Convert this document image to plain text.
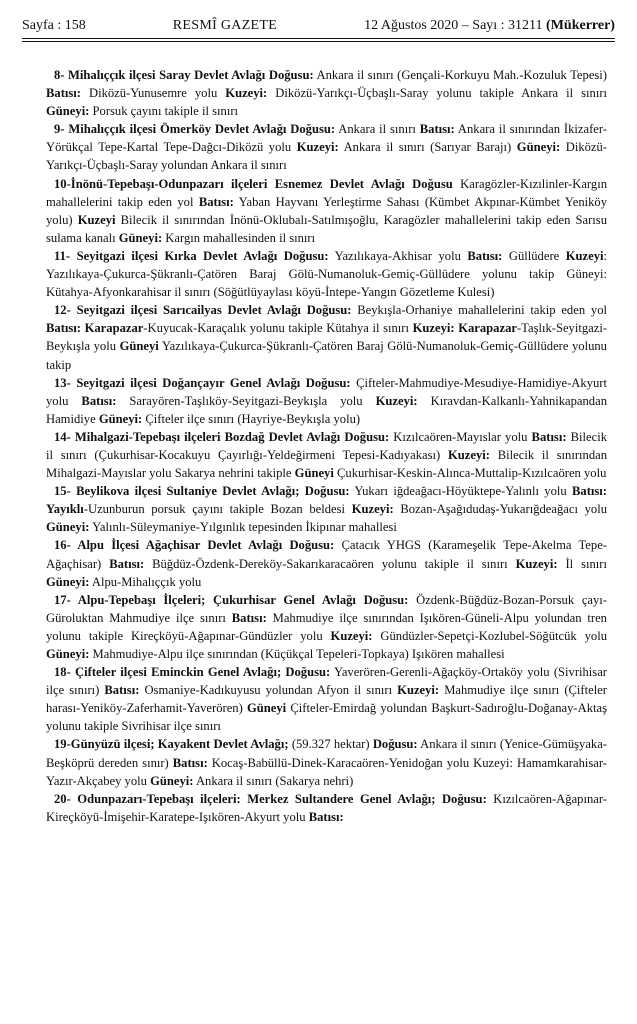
Sayfa : 158	RESMÎ GAZETE	12 Ağustos 2020 – Sayı : 31211 (Mükerrer)

8- Mihalıççık ilçesi Saray Devlet Avlağı Doğusu: Ankara il sınırı (Gençali-Korkuyu Mah.-Kozuluk Tepesi) Batısı: Diközü-Yunusemre yolu Kuzeyi: Diközü-Yarıkçı-Üçbaşlı-Saray yolunu takiple Ankara il sınırı Güneyi: Porsuk çayını takiple il sınırı

9- Mihalıççık ilçesi Ömerköy Devlet Avlağı Doğusu: Ankara il sınırı Batısı: Ankara il sınırından İkizafer-Yörükçal Tepe-Kartal Tepe-Dağcı-Diközü yolu Kuzeyi: Ankara il sınırı (Sarıyar Barajı) Güneyi: Diközü-Yarıkçı-Üçbaşlı-Saray yolundan Ankara il sınırı

10-İnönü-Tepebaşı-Odunpazarı ilçeleri Esnemez Devlet Avlağı Doğusu Karagözler-Kızılinler-Kargın mahallelerini takip eden yol Batısı: Yaban Hayvanı Yerleştirme Sahası (Kümbet Akpınar-Kümbet Yeniköy yolu) Kuzeyi Bilecik il sınırından İnönü-Oklubalı-Satılmışoğlu, Karagözler mahallelerini takip eden Sarısu sulama kanalı Güneyi: Kargın mahallesinden il sınırı

11- Seyitgazi ilçesi Kırka Devlet Avlağı Doğusu: Yazılıkaya-Akhisar yolu Batısı: Güllüdere Kuzeyi: Yazılıkaya-Çukurca-Şükranlı-Çatören Baraj Gölü-Numanoluk-Gemiç-Güllüdere yolunu takip Güneyi: Kütahya-Afyonkarahisar il sınırı (Söğütlüyaylası köyü-İntepe-Yangın Gözetleme Kulesi)

12- Seyitgazi ilçesi Sarıcailyas Devlet Avlağı Doğusu: Beykışla-Orhaniye mahallelerini takip eden yol Batısı: Karapazar-Kuyucak-Karaçalık yolunu takiple Kütahya il sınırı Kuzeyi: Karapazar-Taşlık-Seyitgazi-Beykışla yolu Güneyi Yazılıkaya-Çukurca-Şükranlı-Çatören Baraj Gölü-Numanoluk-Gemiç-Güllüdere yolunu takip

13- Seyitgazi ilçesi Doğançayır Genel Avlağı Doğusu: Çifteler-Mahmudiye-Mesudiye-Hamidiye-Akyurt yolu Batısı: Sarayören-Taşlıköy-Seyitgazi-Beykışla yolu Kuzeyi: Kıravdan-Kalkanlı-Yahnikapandan Hamidiye Güneyi: Çifteler ilçe sınırı (Hayriye-Beykışla yolu)

14- Mihalgazi-Tepebaşı ilçeleri Bozdağ Devlet Avlağı Doğusu: Kızılcaören-Mayıslar yolu Batısı: Bilecik il sınırı (Çukurhisar-Kocakuyu Çayırlığı-Yeldeğirmeni Tepesi-Kadıyakası) Kuzeyi: Bilecik il sınırından Mihalgazi-Mayıslar yolu Sakarya nehrini takiple Güneyi Çukurhisar-Keskin-Alınca-Muttalip-Kızılcaören yolu

15- Beylikova ilçesi Sultaniye Devlet Avlağı; Doğusu: Yukarı iğdeağacı-Höyüktepe-Yalınlı yolu Batısı: Yayıklı-Uzunburun porsuk çayını takiple Bozan beldesi Kuzeyi: Bozan-Aşağıdudaş-Yukarığdeağacı yolu Güneyi: Yalınlı-Süleymaniye-Yılgınlık tepesinden İkipınar mahallesi

16- Alpu İlçesi Ağaçhisar Devlet Avlağı Doğusu: Çatacık YHGS (Karameşelik Tepe-Akelma Tepe-Ağaçhisar) Batısı: Büğdüz-Özdenk-Dereköy-Sakarıkaracaören yolunu takiple il sınırı Kuzeyi: İl sınırı Güneyi: Alpu-Mihalıççık yolu

17- Alpu-Tepebaşı İlçeleri; Çukurhisar Genel Avlağı Doğusu: Özdenk-Büğdüz-Bozan-Porsuk çayı-Güroluktan Mahmudiye ilçe sınırı Batısı: Mahmudiye ilçe sınırından Işıkören-Güneli-Alpu yolundan tren yolunu takiple Kireçköyü-Ağapınar-Gündüzler yolu Kuzeyi: Gündüzler-Sepetçi-Kozlubel-Söğütcük yolu Güneyi: Mahmudiye-Alpu ilçe sınırından (Küçükçal Tepeleri-Topkaya) Işıkören mahallesi

18- Çifteler ilçesi Eminckin Genel Avlağı; Doğusu: Yaverören-Gerenli-Ağaçköy-Ortaköy yolu (Sivrihisar ilçe sınırı) Batısı: Osmaniye-Kadıkuyusu yolundan Afyon il sınırı Kuzeyi: Mahmudiye ilçe sınırı (Çifteler harası-Yeniköy-Zaferhamit-Yaverören) Güneyi Çifteler-Emirdağ yolundan Başkurt-Sadıroğlu-Doğanay-Aktaş yolunu takiple Sivrihisar ilçe sınırı

19-Günyüzü ilçesi; Kayakent Devlet Avlağı; (59.327 hektar) Doğusu: Ankara il sınırı (Yenice-Gümüşyaka-Beşköprü dereden sınır) Batısı: Kocaş-Babüllü-Dinek-Karacaören-Yenidoğan yolu Kuzeyi: Hamamkarahisar-Yazır-Akçabey yolu Güneyi: Ankara il sınırı (Sakarya nehri)

20- Odunpazarı-Tepebaşı ilçeleri: Merkez Sultandere Genel Avlağı; Doğusu: Kızılcaören-Ağapınar-Kireçköyü-İmişehir-Karatepe-Işıkören-Akyurt yolu Batısı:
